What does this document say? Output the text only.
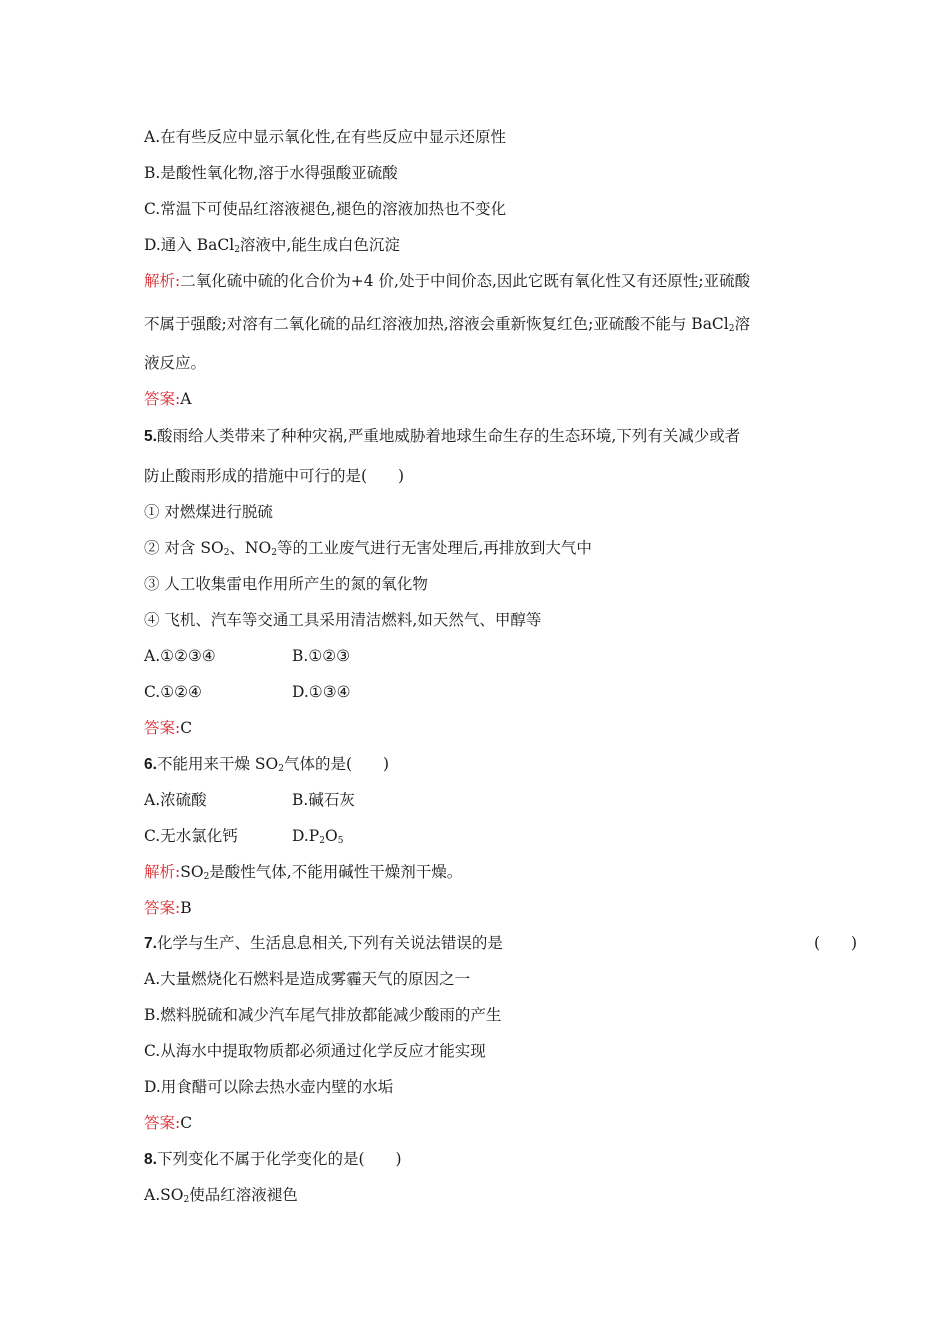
A.在有些反应中显示氧化性,在有些反应中显示还原性
B.是酸性氧化物,溶于水得强酸亚硫酸
C.常温下可使品红溶液褪色,褪色的溶液加热也不变化
D.通入 BaCl$_2$溶液中,能生成白色沉淀
解析:二氧化硫中硫的化合价为+4 价,处于中间价态,因此它既有氧化性又有还原性;亚硫酸
不属于强酸;对溶有二氧化硫的品红溶液加热,溶液会重新恢复红色;亚硫酸不能与 BaCl$_2$溶
液反应。
答案:A
5.酸雨给人类带来了种种灾祸,严重地威胁着地球生命生存的生态环境,下列有关减少或者
防止酸雨形成的措施中可行的是(　　)
① 对燃煤进行脱硫
② 对含 $SO_2$、$NO_2$等的工业废气进行无害处理后,再排放到大气中
③ 人工收集雷电作用所产生的氮的氧化物
④ 飞机、汽车等交通工具采用清洁燃料,如天然气、甲醇等
A.①②③④	B.①②③
C.①②④	D.①③④
答案:C
6.不能用来干燥 $SO_2$气体的是(　　)
A.浓硫酸	B.碱石灰
C.无水氯化钙	$D.P_2O_5$
解析$:SO_2$是酸性气体,不能用碱性干燥剂干燥。
答案:B
7.化学与生产、生活息息相关,下列有关说法错误的是	(　　)
A.大量燃烧化石燃料是造成雾霾天气的原因之一
B.燃料脱硫和减少汽车尾气排放都能减少酸雨的产生
C.从海水中提取物质都必须通过化学反应才能实现
D.用食醋可以除去热水壶内壁的水垢
答案:C
8.下列变化不属于化学变化的是(　　)
$A.SO_2$使品红溶液褪色
